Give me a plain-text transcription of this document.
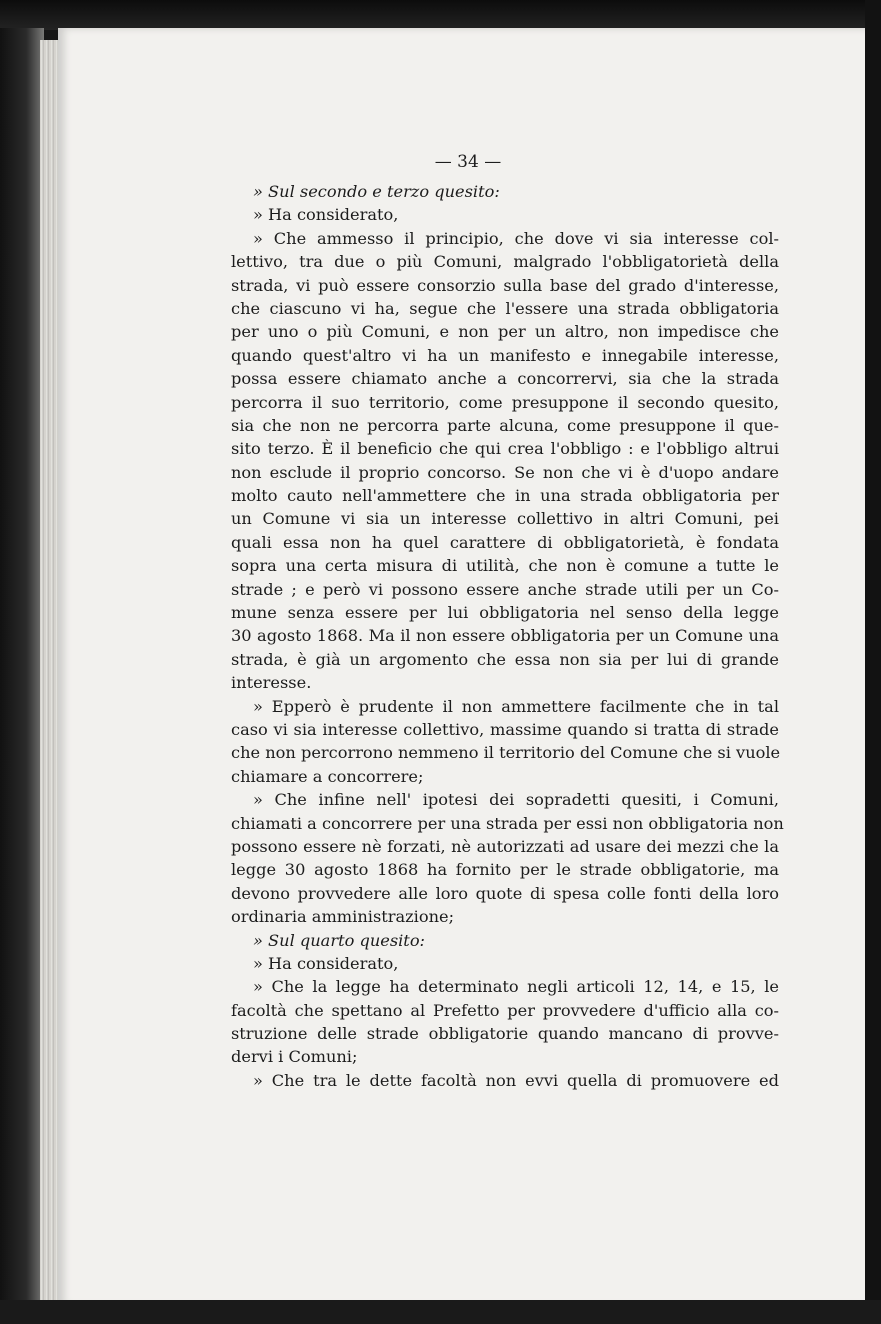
— 34 —
» Sul secondo e terzo quesito:
» Ha considerato,
» Che ammesso il principio, che dove vi sia interesse col-
lettivo, tra due o più Comuni, malgrado l'obbligatorietà della
strada, vi può essere consorzio sulla base del grado d'interesse,
che ciascuno vi ha, segue che l'essere una strada obbligatoria
per uno o più Comuni, e non per un altro, non impedisce che
quando quest'altro vi ha un manifesto e innegabile interesse,
possa essere chiamato anche a concorrervi, sia che la strada
percorra il suo territorio, come presuppone il secondo quesito,
sia che non ne percorra parte alcuna, come presuppone il que-
sito terzo. È il beneficio che qui crea l'obbligo : e l'obbligo altrui
non esclude il proprio concorso. Se non che vi è d'uopo andare
molto cauto nell'ammettere che in una strada obbligatoria per
un Comune vi sia un interesse collettivo in altri Comuni, pei
quali essa non ha quel carattere di obbligatorietà, è fondata
sopra una certa misura di utilità, che non è comune a tutte le
strade ; e però vi possono essere anche strade utili per un Co-
mune senza essere per lui obbligatoria nel senso della legge
30 agosto 1868. Ma il non essere obbligatoria per un Comune una
strada, è già un argomento che essa non sia per lui di grande
interesse.
» Epperò è prudente il non ammettere facilmente che in tal
caso vi sia interesse collettivo, massime quando si tratta di strade
che non percorrono nemmeno il territorio del Comune che si vuole
chiamare a concorrere;
» Che infine nell' ipotesi dei sopradetti quesiti, i Comuni,
chiamati a concorrere per una strada per essi non obbligatoria non
possono essere nè forzati, nè autorizzati ad usare dei mezzi che la
legge 30 agosto 1868 ha fornito per le strade obbligatorie, ma
devono provvedere alle loro quote di spesa colle fonti della loro
ordinaria amministrazione;
» Sul quarto quesito:
» Ha considerato,
» Che la legge ha determinato negli articoli 12, 14, e 15, le
facoltà che spettano al Prefetto per provvedere d'ufficio alla co-
struzione delle strade obbligatorie quando mancano di provve-
dervi i Comuni;
» Che tra le dette facoltà non evvi quella di promuovere ed
